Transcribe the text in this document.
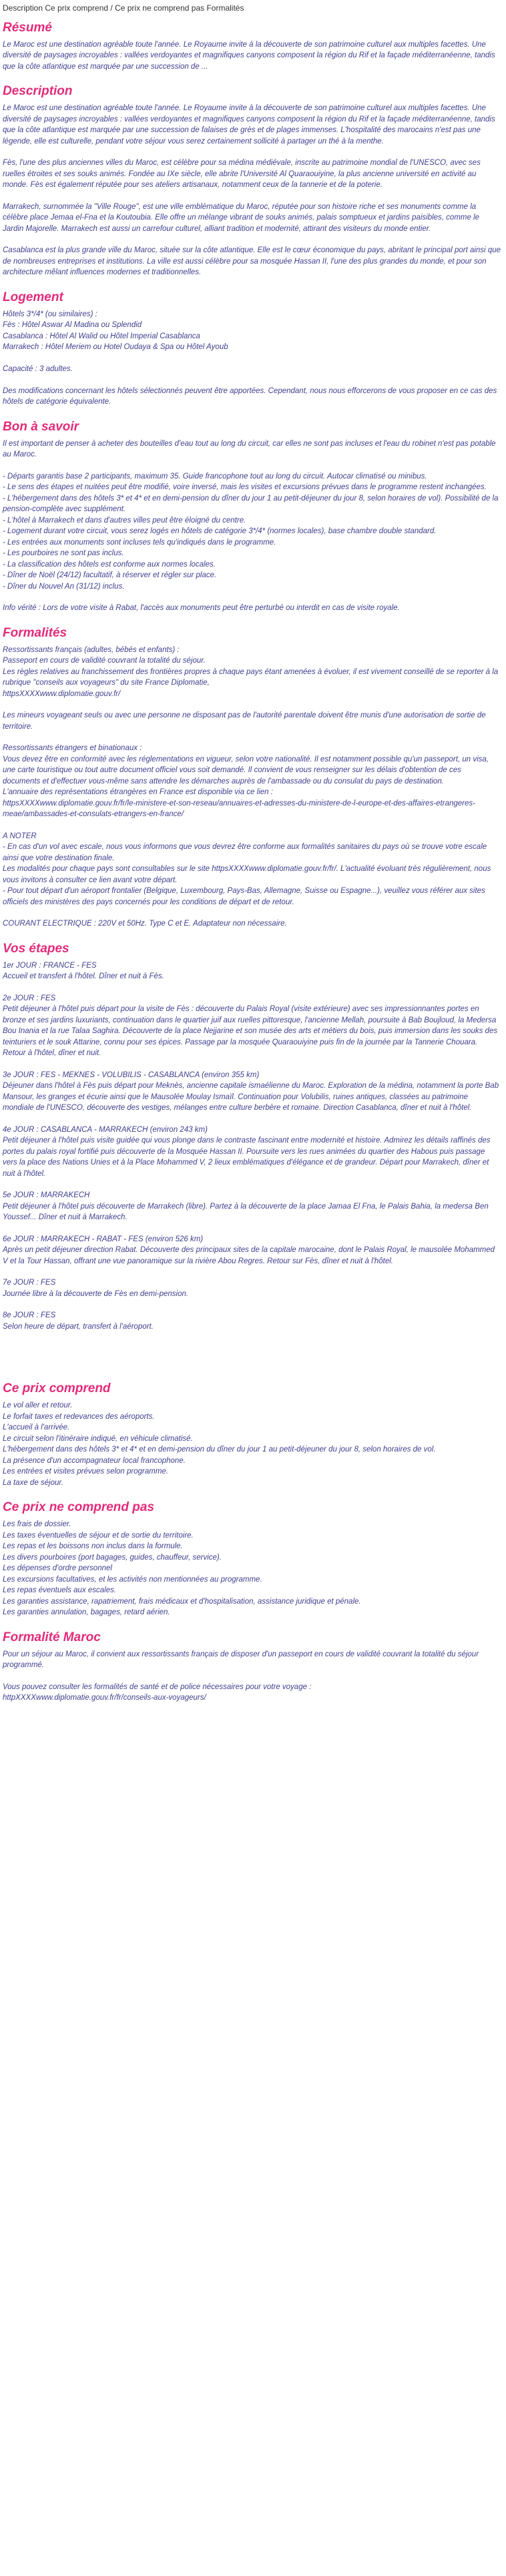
Description Ce prix comprend / Ce prix ne comprend pas Formalités
Résumé

Le Maroc est une destination agréable toute l'année. Le Royaume invite à la découverte de son patrimoine culturel aux multiples facettes. Une diversité de paysages incroyables : vallées verdoyantes et magnifiques canyons composent la région du Rif et la façade méditerranéenne, tandis que la côte atlantique est marquée par une succession de ...

Description

Le Maroc est une destination agréable toute l'année. Le Royaume invite à la découverte de son patrimoine culturel aux multiples facettes. Une diversité de paysages incroyables : vallées verdoyantes et magnifiques canyons composent la région du Rif et la façade méditerranéenne, tandis que la côte atlantique est marquée par une succession de falaises de grès et de plages immenses. L'hospitalité des marocains n'est pas une légende, elle est culturelle, pendant votre séjour vous serez certainement sollicité à partager un thé à la menthe.

Fès, l'une des plus anciennes villes du Maroc, est célèbre pour sa médina médiévale, inscrite au patrimoine mondial de l'UNESCO, avec ses ruelles étroites et ses souks animés. Fondée au IXe siècle, elle abrite l'Université Al Quaraouiyine, la plus ancienne université en activité au monde. Fès est également réputée pour ses ateliers artisanaux, notamment ceux de la tannerie et de la poterie.

Marrakech, surnommée la "Ville Rouge", est une ville emblématique du Maroc, réputée pour son histoire riche et ses monuments comme la célèbre place Jemaa el-Fna et la Koutoubia. Elle offre un mélange vibrant de souks animés, palais somptueux et jardins paisibles, comme le Jardin Majorelle. Marrakech est aussi un carrefour culturel, alliant tradition et modernité, attirant des visiteurs du monde entier.

Casablanca est la plus grande ville du Maroc, située sur la côte atlantique. Elle est le cœur économique du pays, abritant le principal port ainsi que de nombreuses entreprises et institutions. La ville est aussi célèbre pour sa mosquée Hassan II, l'une des plus grandes du monde, et pour son architecture mêlant influences modernes et traditionnelles.

Logement

Hôtels 3*/4* (ou similaires) :
Fès : Hôtel Aswar Al Madina ou Splendid
Casablanca : Hôtel Al Walid ou Hôtel Imperial Casablanca
Marrakech : Hôtel Meriem ou Hotel Oudaya & Spa ou Hôtel Ayoub

Capacité : 3 adultes.

Des modifications concernant les hôtels sélectionnés peuvent être apportées. Cependant, nous nous efforcerons de vous proposer en ce cas des hôtels de catégorie équivalente.

Bon à savoir

Il est important de penser à acheter des bouteilles d'eau tout au long du circuit, car elles ne sont pas incluses et l'eau du robinet n'est pas potable au Maroc.

- Départs garantis base 2 participants, maximum 35. Guide francophone tout au long du circuit. Autocar climatisé ou minibus.
- Le sens des étapes et nuitées peut être modifié, voire inversé, mais les visites et excursions prévues dans le programme restent inchangées.
- L'hébergement dans des hôtels 3* et 4* et en demi-pension du dîner du jour 1 au petit-déjeuner du jour 8, selon horaires de vol). Possibilité de la pension-complète avec supplément.
- L'hôtel à Marrakech et dans d'autres villes peut être éloigné du centre.
- Logement durant votre circuit, vous serez logés en hôtels de catégorie 3*/4* (normes locales), base chambre double standard.
- Les entrées aux monuments sont incluses tels qu'indiqués dans le programme.
- Les pourboires ne sont pas inclus.
- La classification des hôtels est conforme aux normes locales.
- Dîner de Noël (24/12) facultatif, à réserver et régler sur place.
- Dîner du Nouvel An (31/12) inclus.

Info vérité : Lors de votre visite à Rabat, l'accès aux monuments peut être perturbé ou interdit en cas de visite royale.

Formalités

Ressortissants français (adultes, bébés et enfants) :
Passeport en cours de validité couvrant la totalité du séjour.
Les règles relatives au franchissement des frontières propres à chaque pays étant amenées à évoluer, il est vivement conseillé de se reporter à la rubrique "conseils aux voyageurs" du site France Diplomatie,
httpsXXXXwww.diplomatie.gouv.fr/

Les mineurs voyageant seuls ou avec une personne ne disposant pas de l'autorité parentale doivent être munis d'une autorisation de sortie de territoire.

Ressortissants étrangers et binationaux :
Vous devez être en conformité avec les réglementations en vigueur, selon votre nationalité. Il est notamment possible qu'un passeport, un visa, une carte touristique ou tout autre document officiel vous soit demandé. Il convient de vous renseigner sur les délais d'obtention de ces documents et d'effectuer vous-même sans attendre les démarches auprès de l'ambassade ou du consulat du pays de destination.
L'annuaire des représentations étrangères en France est disponible via ce lien :
httpsXXXXwww.diplomatie.gouv.fr/fr/le-ministere-et-son-reseau/annuaires-et-adresses-du-ministere-de-l-europe-et-des-affaires-etrangeres-meae/ambassades-et-consulats-etrangers-en-france/

A NOTER
- En cas d'un vol avec escale, nous vous informons que vous devrez être conforme aux formalités sanitaires du pays où se trouve votre escale ainsi que votre destination finale.
Les modalités pour chaque pays sont consultables sur le site httpsXXXXwww.diplomatie.gouv.fr/fr/. L'actualité évoluant très régulièrement, nous vous invitons à consulter ce lien avant votre départ.
- Pour tout départ d'un aéroport frontalier (Belgique, Luxembourg, Pays-Bas, Allemagne, Suisse ou Espagne...), veuillez vous référer aux sites officiels des ministères des pays concernés pour les conditions de départ et de retour.

COURANT ELECTRIQUE : 220V et 50Hz. Type C et E. Adaptateur non nécessaire.

Vos étapes

1er JOUR : FRANCE - FES
Accueil et transfert à l'hôtel. Dîner et nuit à Fès.

2e JOUR : FES
Petit déjeuner à l'hôtel puis départ pour la visite de Fès : découverte du Palais Royal (visite extérieure) avec ses impressionnantes portes en bronze et ses jardins luxuriants, continuation dans le quartier juif aux ruelles pittoresque, l'ancienne Mellah, poursuite à Bab Boujloud, la Medersa Bou Inania et la rue Talaa Saghira. Découverte de la place Nejjarine et son musée des arts et métiers du bois, puis immersion dans les souks des teinturiers et le souk Attarine, connu pour ses épices. Passage par la mosquée Quaraouiyine puis fin de la journée par la Tannerie Chouara. Retour à l'hôtel, dîner et nuit.

3e JOUR : FES - MEKNES - VOLUBILIS - CASABLANCA (environ 355 km)
Déjeuner dans l'hôtel à Fès puis départ pour Meknès, ancienne capitale ismaélienne du Maroc. Exploration de la médina, notamment la porte Bab Mansour, les granges et écurie ainsi que le Mausolée Moulay Ismaïl. Continuation pour Volubilis, ruines antiques, classées au patrimoine mondiale de l'UNESCO, découverte des vestiges, mélanges entre culture berbère et romaine. Direction Casablanca, dîner et nuit à l'hôtel.

4e JOUR : CASABLANCA - MARRAKECH (environ 243 km)
Petit déjeuner à l'hôtel puis visite guidée qui vous plonge dans le contraste fascinant entre modernité et histoire. Admirez les détails raffinés des portes du palais royal fortifié puis découverte de la Mosquée Hassan II. Poursuite vers les rues animées du quartier des Habous puis passage vers la place des Nations Unies et à la Place Mohammed V, 2 lieux emblématiques d'élégance et de grandeur. Départ pour Marrakech, dîner et nuit à l'hôtel.

5e JOUR : MARRAKECH
Petit déjeuner à l'hôtel puis découverte de Marrakech (libre). Partez à la découverte de la place Jamaa El Fna, le Palais Bahia, la medersa Ben Youssef... Dîner et nuit à Marrakech.

6e JOUR : MARRAKECH - RABAT - FES (environ 526 km)
Après un petit déjeuner direction Rabat. Découverte des principaux sites de la capitale marocaine, dont le Palais Royal, le mausolée Mohammed V et la Tour Hassan, offrant une vue panoramique sur la rivière Abou Regres. Retour sur Fès, dîner et nuit à l'hôtel.

7e JOUR : FES
Journée libre à la découverte de Fès en demi-pension.

8e JOUR : FES
Selon heure de départ, transfert à l'aéroport.

Ce prix comprend

Le vol aller et retour.
Le forfait taxes et redevances des aéroports.
L'accueil à l'arrivée.
Le circuit selon l'itinéraire indiqué, en véhicule climatisé.
L'hébergement dans des hôtels 3* et 4* et en demi-pension du dîner du jour 1 au petit-déjeuner du jour 8, selon horaires de vol.
La présence d'un accompagnateur local francophone.
Les entrées et visites prévues selon programme.
La taxe de séjour.

Ce prix ne comprend pas

Les frais de dossier.
Les taxes éventuelles de séjour et de sortie du territoire.
Les repas et les boissons non inclus dans la formule.
Les divers pourboires (port bagages, guides, chauffeur, service).
Les dépenses d'ordre personnel
Les excursions facultatives, et les activités non mentionnées au programme.
Les repas éventuels aux escales.
Les garanties assistance, rapatriement, frais médicaux et d'hospitalisation, assistance juridique et pénale.
Les garanties annulation, bagages, retard aérien.

Formalité Maroc

Pour un séjour au Maroc, il convient aux ressortissants français de disposer d'un passeport en cours de validité couvrant la totalité du séjour programmé.

Vous pouvez consulter les formalités de santé et de police nécessaires pour votre voyage :
httpXXXXwww.diplomatie.gouv.fr/fr/conseils-aux-voyageurs/
